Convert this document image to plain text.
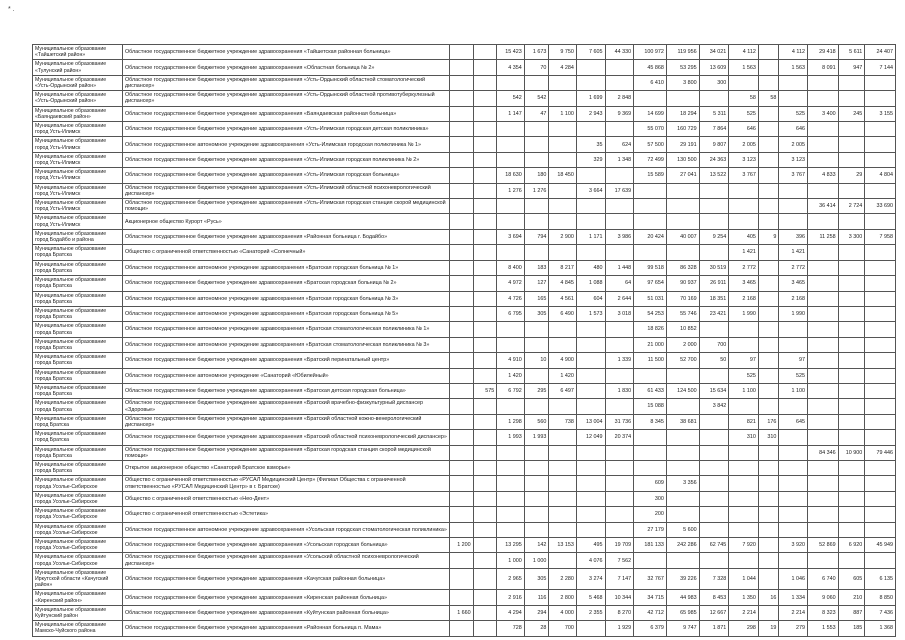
* .
Муниципальное образование «Тайшетский район»	Областное государственное бюджетное учреждение здравоохранения «Тайшетская районная больница»			15 423	1 673	9 750	7 605	44 330	100 972	119 956	34 021	4 112		4 112	29 418	5 611	24 407
Муниципальное образование «Тулунский район»	Областное государственное бюджетное учреждение здравоохранения «Областная больница № 2»			4 354	70	4 284			45 868	53 295	13 609	1 563		1 563	8 091	947	7 144
Муниципальное образование «Усть-Ордынский район»	Областное государственное бюджетное учреждение здравоохранения «Усть-Ордынский областной стоматологический диспансер»								6 410	3 800	300						
Муниципальное образование «Усть-Ордынский район»	Областное государственное бюджетное учреждение здравоохранения «Усть-Ордынский областной противотуберкулезный диспансер»			542	542		1 699	2 848				58	58				
Муниципальное образование «Баяндаевский район»	Областное государственное бюджетное учреждение здравоохранения «Баяндаевская районная больница»			1 147	47	1 100	2 943	9 369	14 699	18 294	5 311	525		525	3 400	245	3 155
Муниципальное образование город Усть-Илимск	Областное государственное бюджетное учреждение здравоохранения «Усть-Илимская городская детская поликлиника»								55 070	160 729	7 864	646		646			
Муниципальное образование город Усть-Илимск	Областное государственное автономное учреждение здравоохранения «Усть-Илимская городская поликлиника № 1»						35	624	57 500	29 191	9 807	2 005		2 005			
Муниципальное образование город Усть-Илимск	Областное государственное бюджетное учреждение здравоохранения «Усть-Илимская городская поликлиника № 2»						329	1 348	72 499	130 500	24 363	3 123		3 123			
Муниципальное образование город Усть-Илимск	Областное государственное бюджетное учреждение здравоохранения «Усть-Илимская городская больница»			18 630	180	18 450			15 589	27 041	13 522	3 767		3 767	4 833	29	4 804
Муниципальное образование город Усть-Илимск	Областное государственное бюджетное учреждение здравоохранения «Усть-Илимский областной психоневрологический диспансер»			1 276	1 276		3 664	17 639									
Муниципальное образование город Усть-Илимск	Областное государственное бюджетное учреждение здравоохранения «Усть-Илимская городская станция скорой медицинской помощи»														36 414	2 724	33 690
Муниципальное образование город Усть-Илимск	Акционерное общество Курорт «Русь»																
Муниципальное образование город Бодайбо и района	Областное государственное бюджетное учреждение здравоохранения «Районная больница г. Бодайбо»			3 694	794	2 900	1 171	3 986	20 424	40 007	9 254	405	9	396	11 258	3 300	7 958
Муниципальное образование города Братска	Общество с ограниченной ответственностью «Санаторий «Солнечный»											1 421		1 421			
Муниципальное образование города Братска	Областное государственное автономное учреждение здравоохранения «Братская городская больница № 1»			8 400	183	8 217	480	1 448	99 518	86 328	30 519	2 772		2 772			
Муниципальное образование города Братска	Областное государственное бюджетное учреждение здравоохранения «Братская городская больница № 2»			4 972	127	4 845	1 088	64	97 654	90 937	26 911	3 465		3 465			
Муниципальное образование города Братска	Областное государственное автономное учреждение здравоохранения «Братская городская больница № 3»			4 726	165	4 561	604	2 644	51 031	70 169	18 351	2 168		2 168			
Муниципальное образование города Братска	Областное государственное автономное учреждение здравоохранения «Братская городская больница № 5»			6 795	305	6 490	1 573	3 018	54 253	55 746	23 421	1 990		1 990			
Муниципальное образование города Братска	Областное государственное автономное учреждение здравоохранения «Братская стоматологическая поликлиника № 1»								18 826	10 852							
Муниципальное образование города Братска	Областное государственное автономное учреждение здравоохранения «Братская стоматологическая поликлиника № 3»								21 000	2 000	700						
Муниципальное образование города Братска	Областное государственное бюджетное учреждение здравоохранения «Братский перинатальный центр»			4 910	10	4 900		1 339	11 500	52 700	50	97		97			
Муниципальное образование города Братска	Областное государственное автономное учреждение «Санаторий «Юбилейный»			1 420		1 420						525		525			
Муниципальное образование города Братска	Областное государственное бюджетное учреждение здравоохранения «Братская детская городская больница»		575	6 792	295	6 497		1 830	61 433	124 500	15 634	1 100		1 100			
Муниципальное образование города Братска	Областное государственное бюджетное учреждение здравоохранения «Братский врачебно-физкультурный диспансер «Здоровье»								15 088		3 842						
Муниципальное образование город Братска	Областное государственное бюджетное учреждение здравоохранения «Братский областной кожно-венерологический диспансер»			1 298	560	738	13 004	31 736	8 345	38 681		821	176	645			
Муниципальное образование город Братска	Областное государственное бюджетное учреждение здравоохранения «Братский областной психоневрологический диспансер»			1 993	1 993		12 049	20 374				310	310				
Муниципальное образование города Братска	Областное государственное бюджетное учреждение здравоохранения «Братская городская станция скорой медицинской помощи»														84 346	10 900	79 446
Муниципальное образование города Братска	Открытое акционерное общество «Санаторий Братское взморье»																
Муниципальное образование города Усолье-Сибирское	Общество с ограниченной ответственностью «РУСАЛ Медицинский Центр» (Филиал Общества с ограниченной ответственностью «РУСАЛ Медицинский Центр» в г. Братске)								609	3 356							
Муниципальное образование города Усолье-Сибирское	Общество с ограниченной ответственностью «Нео-Дент»								300								
Муниципальное образование города Усолье-Сибирское	Общество с ограниченной ответственностью «Эстетика»								200								
Муниципальное образование города Усолье-Сибирское	Областное государственное автономное учреждение здравоохранения «Усольская городская стоматологическая поликлиника»								27 179	5 600							
Муниципальное образование города Усолье-Сибирское	Областное государственное бюджетное учреждение здравоохранения «Усольская городская больница»	1 200		13 295	142	13 153	495	19 709	181 133	242 286	62 745	7 920		3 920	52 869	6 920	45 949
Муниципальное образование города Усолье-Сибирское	Областное государственное бюджетное учреждение здравоохранения «Усольский областной психоневрологический диспансер»			1 000	1 000		4 076	7 562									
Муниципальное образование Иркутской области «Качугский район»	Областное государственное бюджетное учреждение здравоохранения «Качугская районная больница»			2 965	305	2 280	3 274	7 147	32 767	39 226	7 328	1 044		1 046	6 740	605	6 135
Муниципальное образование «Киренский район»	Областное государственное бюджетное учреждение здравоохранения «Киренская районная больница»			2 916	116	2 800	5 468	10 344	34 715	44 983	8 453	1 350	16	1 334	9 060	210	8 850
Муниципальное образование Куйтунский район	Областное государственное бюджетное учреждение здравоохранения «Куйтунская районная больница»	1 660		4 294	294	4 000	2 355	8 270	42 712	65 985	12 667	2 214		2 214	8 323	887	7 436
Муниципальное образование Мамско-Чуйского района	Областное государственное бюджетное учреждение здравоохранения «Районная больница п. Мама»			728	28	700		1 929	6 379	9 747	1 871	298	19	279	1 553	185	1 368
